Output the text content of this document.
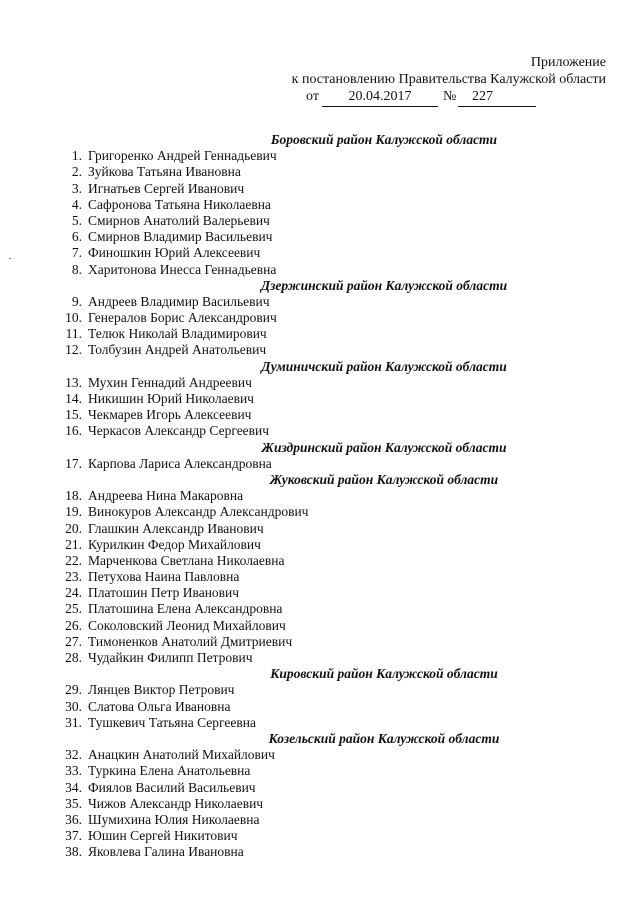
Приложение
к постановлению Правительства Калужской области
от	20.04.2017	№	227
Боровский район Калужской области
1. Григоренко Андрей Геннадьевич
2. Зуйкова Татьяна Ивановна
3. Игнатьев Сергей Иванович
4. Сафронова Татьяна Николаевна
5. Смирнов Анатолий Валерьевич
6. Смирнов Владимир Васильевич
7. Финошкин Юрий Алексеевич
8. Харитонова Инесса Геннадьевна
Дзержинский район Калужской области
9. Андреев Владимир Васильевич
10. Генералов Борис Александрович
11. Телюк Николай Владимирович
12. Толбузин Андрей Анатольевич
Думиничский район Калужской области
13. Мухин Геннадий Андреевич
14. Никишин Юрий Николаевич
15. Чекмарев Игорь Алексеевич
16. Черкасов Александр Сергеевич
Жиздринский район Калужской области
17. Карпова Лариса Александровна
Жуковский район Калужской области
18. Андреева Нина Макаровна
19. Винокуров Александр Александрович
20. Глашкин Александр Иванович
21. Курилкин Федор Михайлович
22. Марченкова Светлана Николаевна
23. Петухова Наина Павловна
24. Платошин Петр Иванович
25. Платошина Елена Александровна
26. Соколовский Леонид Михайлович
27. Тимоненков Анатолий Дмитриевич
28. Чудайкин Филипп Петрович
Кировский район Калужской области
29. Лянцев Виктор Петрович
30. Слатова Ольга Ивановна
31. Тушкевич Татьяна Сергеевна
Козельский район Калужской области
32. Анацкин Анатолий Михайлович
33. Туркина Елена Анатольевна
34. Фиялов Василий Васильевич
35. Чижов Александр Николаевич
36. Шумихина Юлия Николаевна
37. Юшин Сергей Никитович
38. Яковлева Галина Ивановна
